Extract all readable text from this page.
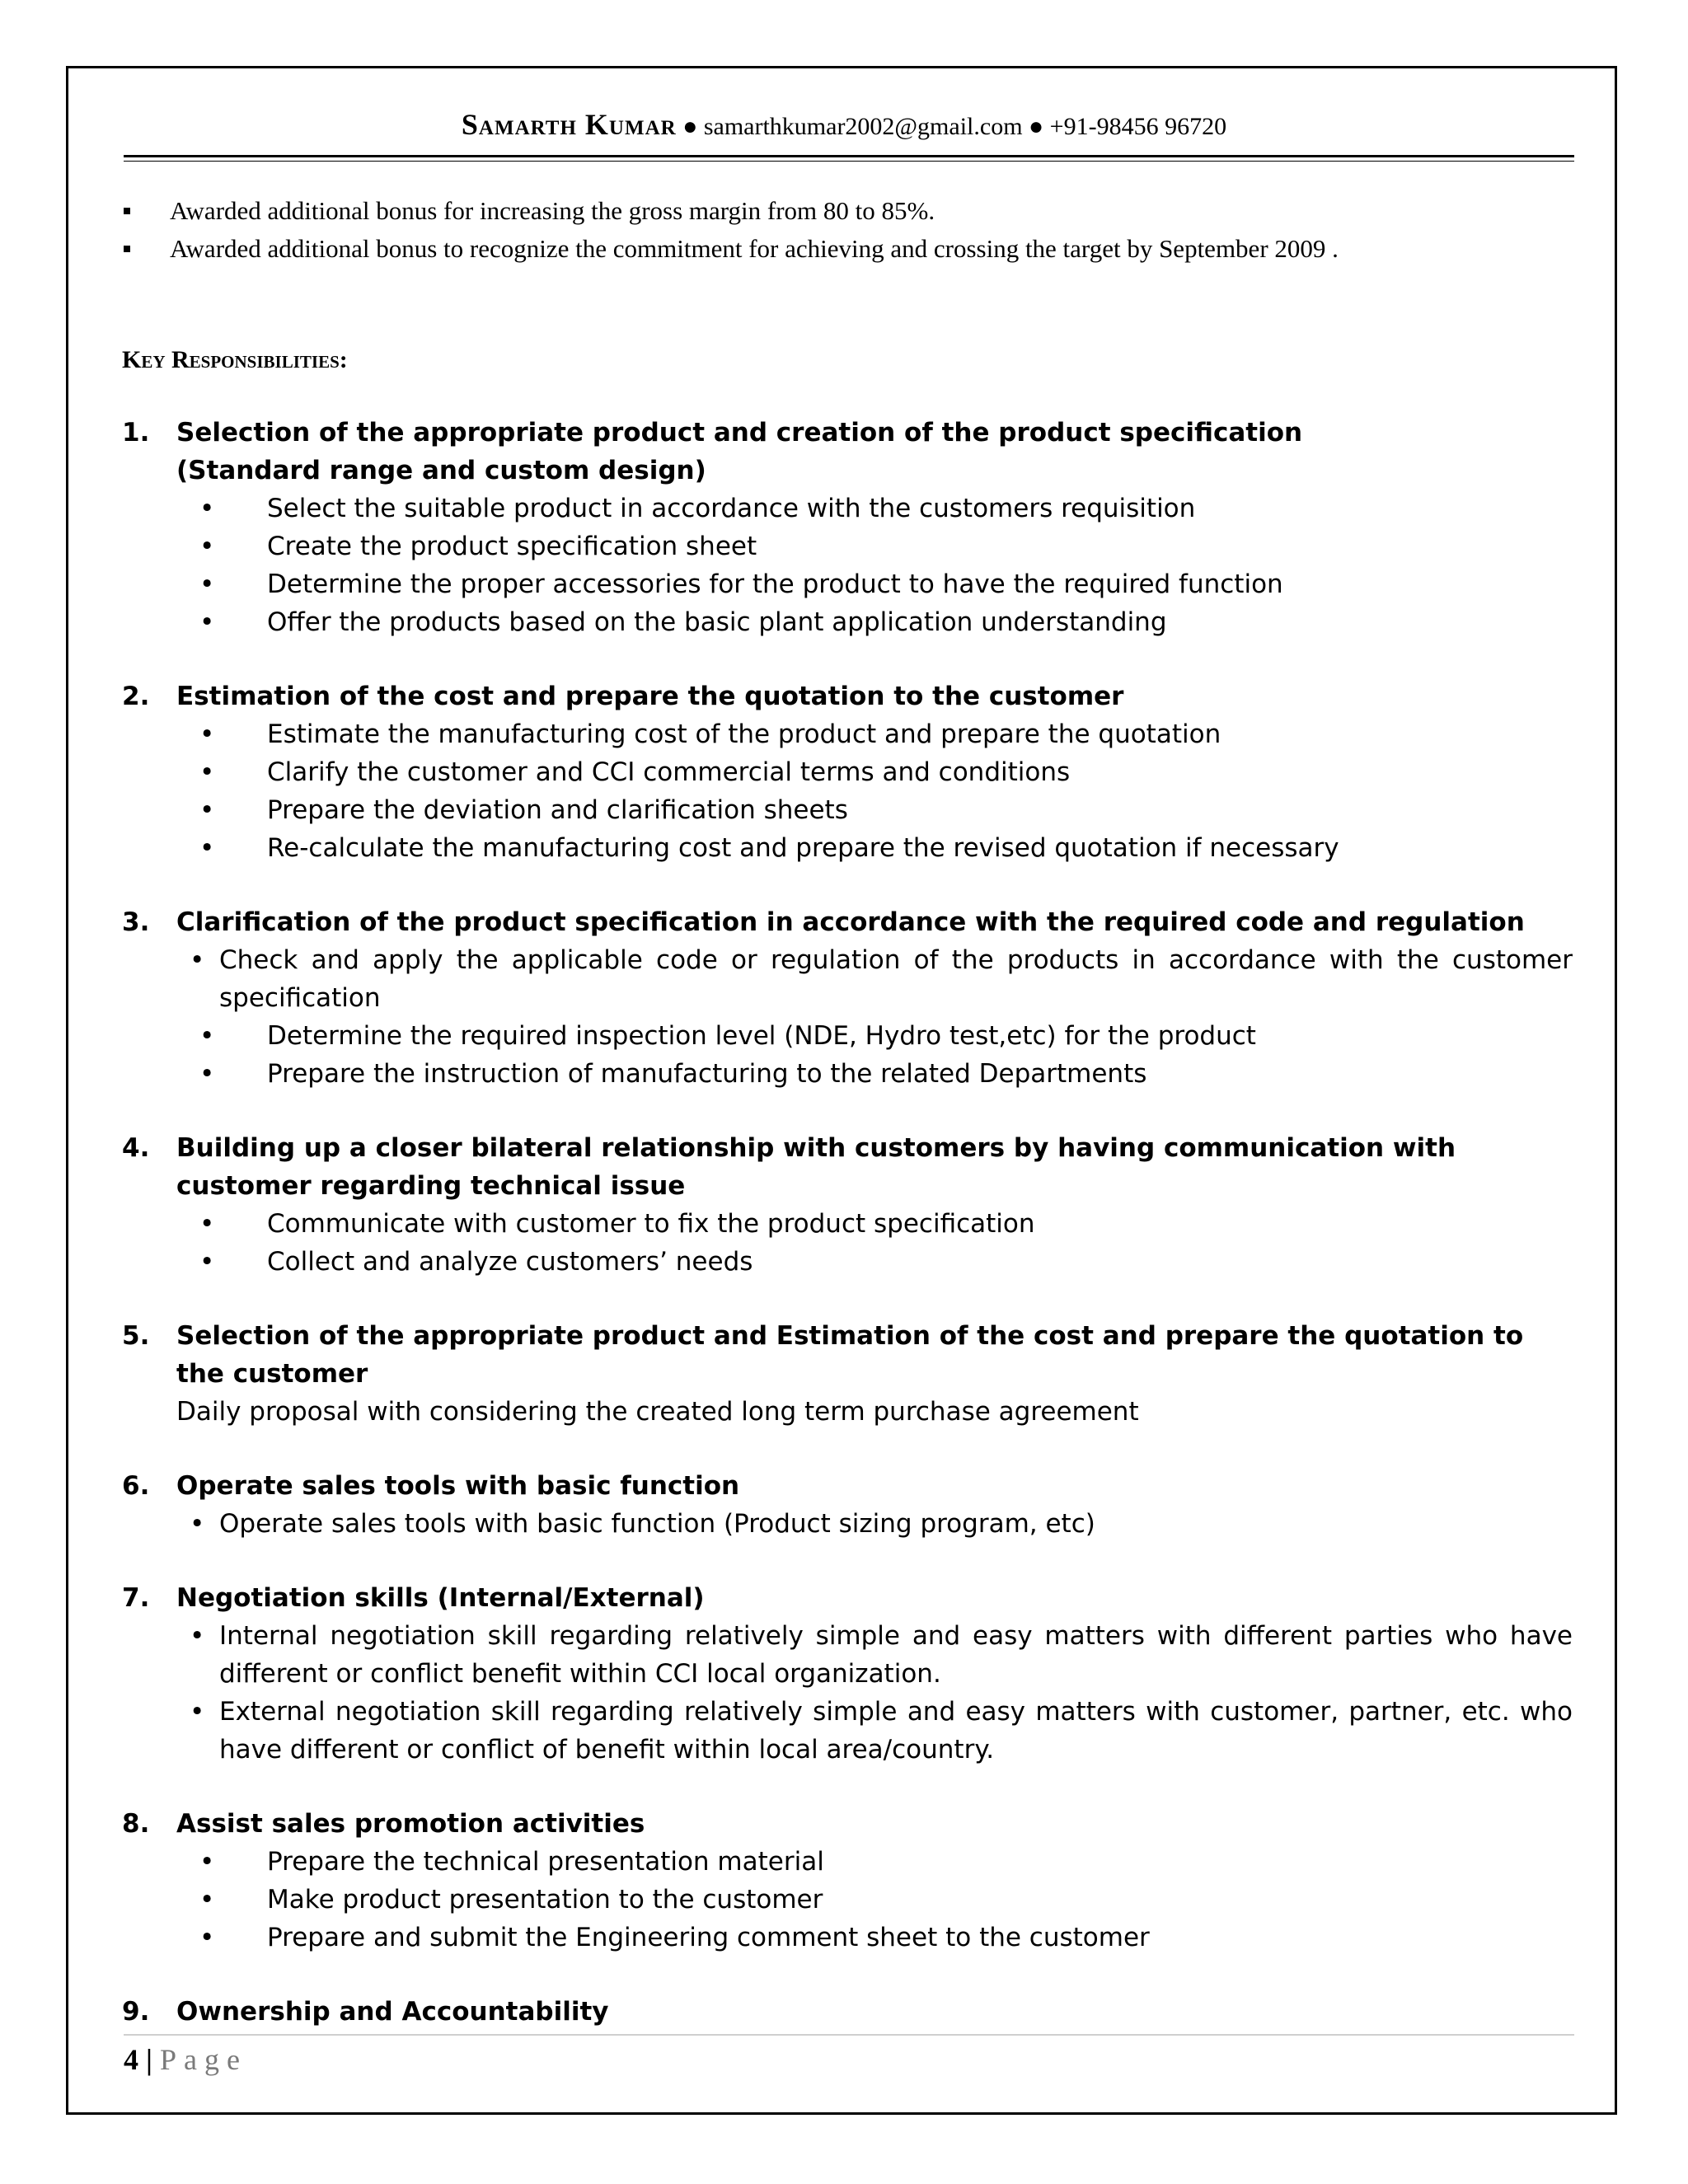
Samarth Kumar ● samarthkumar2002@gmail.com ● +91-98456 96720
Awarded additional bonus for increasing the gross margin from 80 to 85%.
Awarded additional bonus to recognize the commitment for achieving and crossing the target by September 2009 .
Key Responsibilities:
1. Selection of the appropriate product and creation of the product specification
(Standard range and custom design)
• Select the suitable product in accordance with the customers requisition
• Create the product specification sheet
• Determine the proper accessories for the product to have the required function
• Offer the products based on the basic plant application understanding
2. Estimation of the cost and prepare the quotation to the customer
• Estimate the manufacturing cost of the product and prepare the quotation
• Clarify the customer and CCI commercial terms and conditions
• Prepare the deviation and clarification sheets
• Re-calculate the manufacturing cost and prepare the revised quotation if necessary
3. Clarification of the product specification in accordance with the required code and regulation
• Check and apply the applicable code or regulation of the products in accordance with the customer specification
• Determine the required inspection level (NDE, Hydro test,etc) for the product
• Prepare the instruction of manufacturing to the related Departments
4. Building up a closer bilateral relationship with customers by having communication with customer regarding technical issue
• Communicate with customer to fix the product specification
• Collect and analyze customers’ needs
5. Selection of the appropriate product and Estimation of the cost and prepare the quotation to the customer
Daily proposal with considering the created long term purchase agreement
6. Operate sales tools with basic function
• Operate sales tools with basic function (Product sizing program, etc)
7. Negotiation skills (Internal/External)
• Internal negotiation skill regarding relatively simple and easy matters with different parties who have different or conflict benefit within CCI local organization.
• External negotiation skill regarding relatively simple and easy matters with customer, partner, etc. who have different or conflict of benefit within local area/country.
8. Assist sales promotion activities
• Prepare the technical presentation material
• Make product presentation to the customer
• Prepare and submit the Engineering comment sheet to the customer
9. Ownership and Accountability
4 | Page
